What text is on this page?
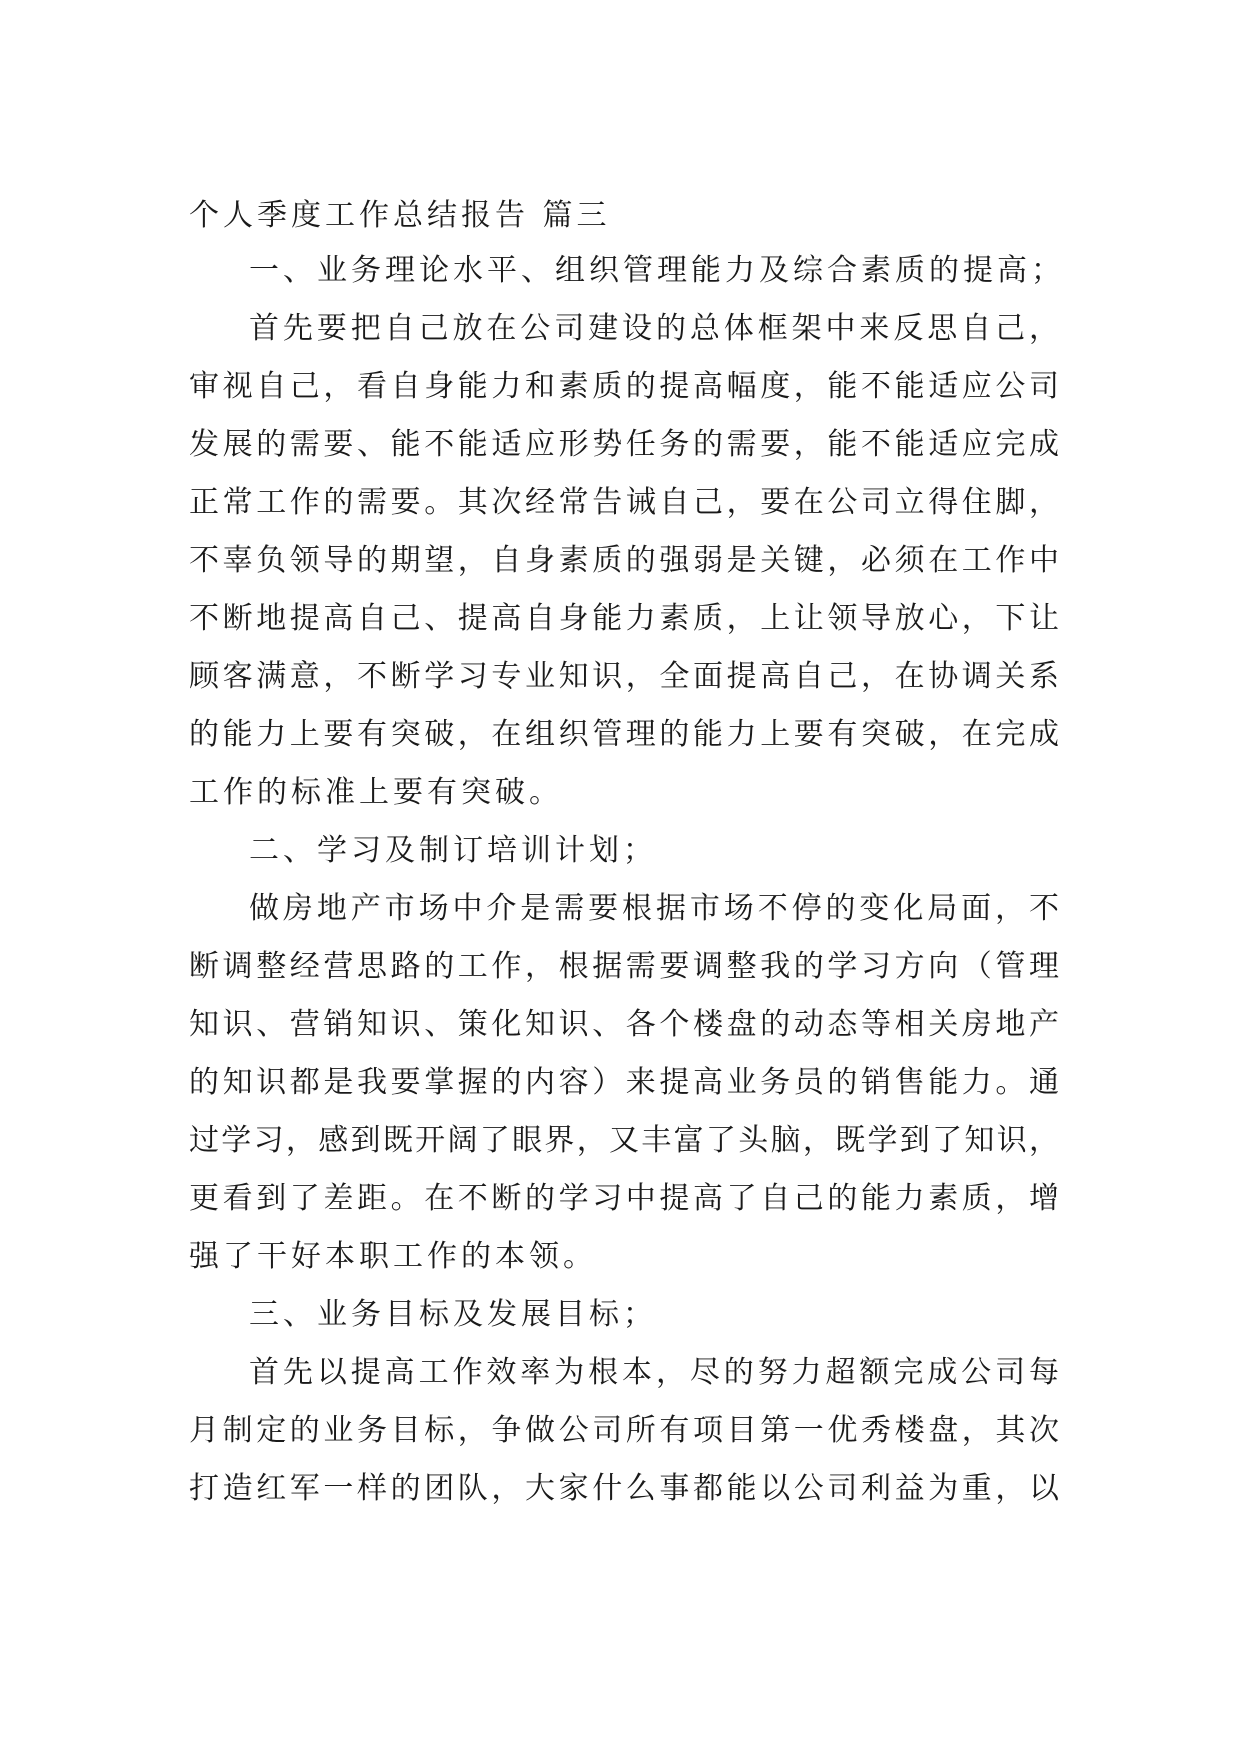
个人季度工作总结报告 篇三
一、业务理论水平、组织管理能力及综合素质的提高；
首先要把自己放在公司建设的总体框架中来反思自己，
审视自己，看自身能力和素质的提高幅度，能不能适应公司
发展的需要、能不能适应形势任务的需要，能不能适应完成
正常工作的需要。其次经常告诫自己，要在公司立得住脚，
不辜负领导的期望，自身素质的强弱是关键，必须在工作中
不断地提高自己、提高自身能力素质，上让领导放心，下让
顾客满意，不断学习专业知识，全面提高自己，在协调关系
的能力上要有突破，在组织管理的能力上要有突破，在完成
工作的标准上要有突破。
二、学习及制订培训计划；
做房地产市场中介是需要根据市场不停的变化局面，不
断调整经营思路的工作，根据需要调整我的学习方向（管理
知识、营销知识、策化知识、各个楼盘的动态等相关房地产
的知识都是我要掌握的内容）来提高业务员的销售能力。通
过学习，感到既开阔了眼界，又丰富了头脑，既学到了知识，
更看到了差距。在不断的学习中提高了自己的能力素质，增
强了干好本职工作的本领。
三、业务目标及发展目标；
首先以提高工作效率为根本，尽的努力超额完成公司每
月制定的业务目标，争做公司所有项目第一优秀楼盘，其次
打造红军一样的团队，大家什么事都能以公司利益为重，以
